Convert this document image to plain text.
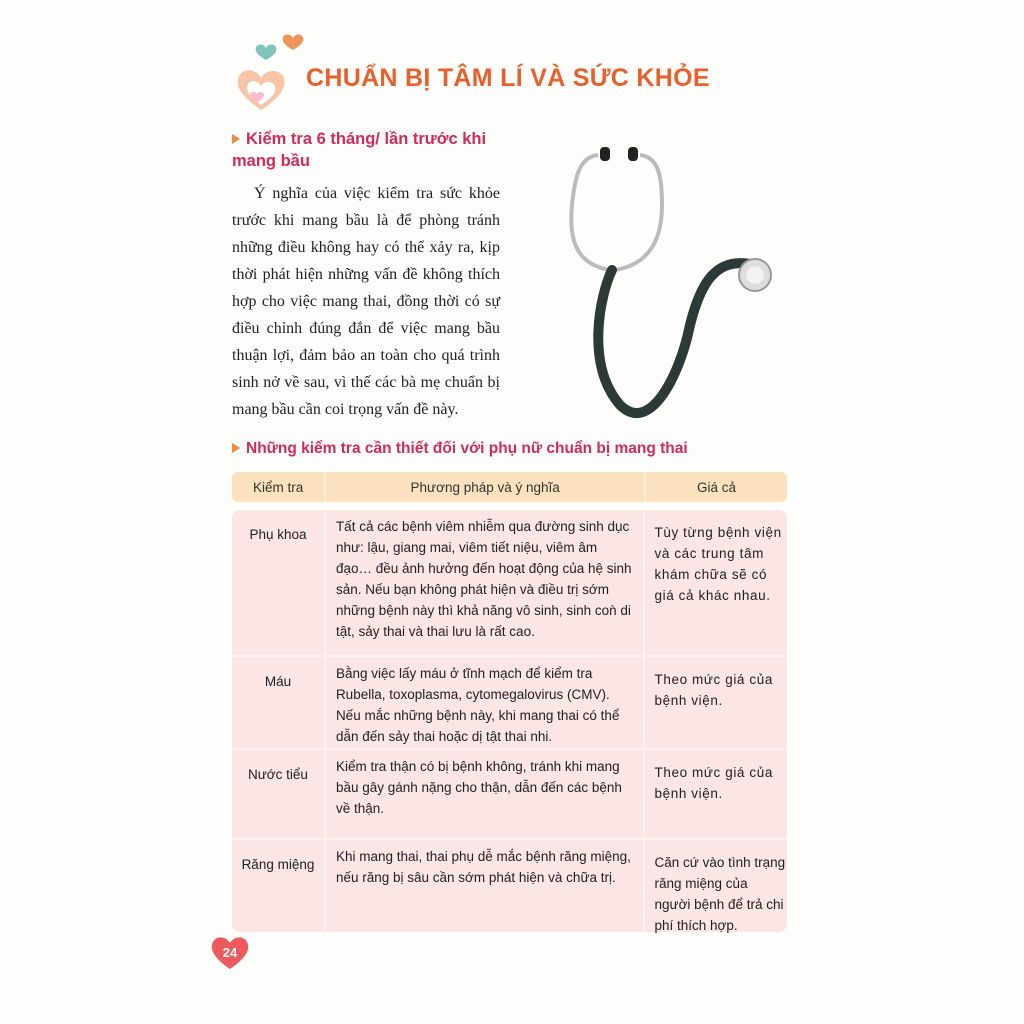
CHUẨN BỊ TÂM LÍ VÀ SỨC KHỎE
Kiểm tra 6 tháng/ lần trước khi mang bầu
Ý nghĩa của việc kiểm tra sức khỏe trước khi mang bầu là để phòng tránh những điều không hay có thể xảy ra, kịp thời phát hiện những vấn đề không thích hợp cho việc mang thai, đồng thời có sự điều chỉnh đúng đắn để việc mang bầu thuận lợi, đảm bảo an toàn cho quá trình sinh nở về sau, vì thế các bà mẹ chuẩn bị mang bầu cần coi trọng vấn đề này.
Những kiểm tra cần thiết đối với phụ nữ chuẩn bị mang thai
Kiểm tra	Phương pháp và ý nghĩa	Giá cả
Phụ khoa
Tất cả các bệnh viêm nhiễm qua đường sinh dục như: lậu, giang mai, viêm tiết niệu, viêm âm đạo… đều ảnh hưởng đến hoạt động của hệ sinh sản. Nếu bạn không phát hiện và điều trị sớm những bệnh này thì khả năng vô sinh, sinh coǹ di tật, sảy thai và thai lưu là rất cao.
Tùy từng bệnh viện và các trung tâm khám chữa sẽ có giá cả khác nhau.
Máu
Bằng việc lấy máu ở tĩnh mạch để kiểm tra Rubella, toxoplasma, cytomegalovirus (CMV). Nếu mắc những bệnh này, khi mang thai có thể dẫn đến sảy thai hoặc dị tật thai nhi.
Theo mức giá của bệnh viện.
Nước tiểu
Kiểm tra thận có bị bệnh không, tránh khi mang bầu gây gánh nặng cho thận, dẫn đến các bệnh về thận.
Theo mức giá của bệnh viện.
Răng miệng
Khi mang thai, thai phụ dễ mắc bệnh răng miệng, nếu răng bị sâu cần sớm phát hiện và chữa trị.
Căn cứ vào tình trạng răng miệng của người bệnh để trả chi phí thích hợp.
24
